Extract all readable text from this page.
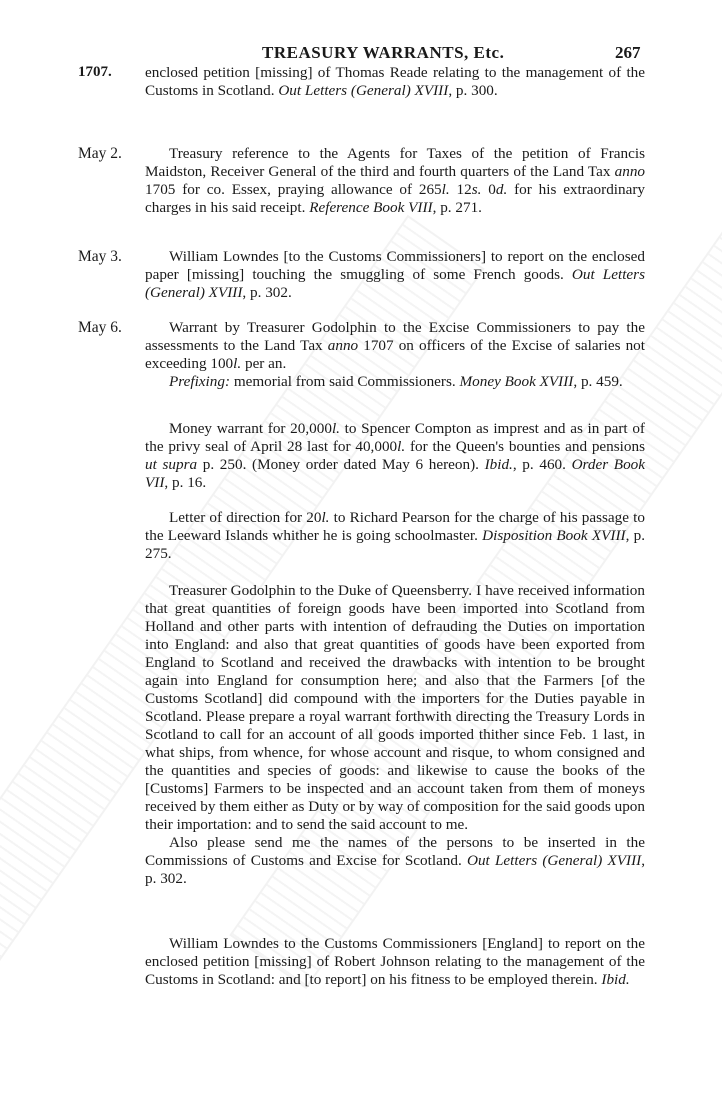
TREASURY WARRANTS, Etc.	267
1707. enclosed petition [missing] of Thomas Reade relating to the management of the Customs in Scotland. Out Letters (General) XVIII, p. 300.

May 2.	Treasury reference to the Agents for Taxes of the petition of Francis Maidston, Receiver General of the third and fourth quarters of the Land Tax anno 1705 for co. Essex, praying allowance of 265l. 12s. 0d. for his extraordinary charges in his said receipt. Reference Book VIII, p. 271.

May 3.	William Lowndes [to the Customs Commissioners] to report on the enclosed paper [missing] touching the smuggling of some French goods. Out Letters (General) XVIII, p. 302.

May 6.	Warrant by Treasurer Godolphin to the Excise Commissioners to pay the assessments to the Land Tax anno 1707 on officers of the Excise of salaries not exceeding 100l. per an.

Prefixing: memorial from said Commissioners. Money Book XVIII, p. 459.

Money warrant for 20,000l. to Spencer Compton as imprest and as in part of the privy seal of April 28 last for 40,000l. for the Queen's bounties and pensions ut supra p. 250. (Money order dated May 6 hereon). Ibid., p. 460. Order Book VII, p. 16.

Letter of direction for 20l. to Richard Pearson for the charge of his passage to the Leeward Islands whither he is going schoolmaster. Disposition Book XVIII, p. 275.

Treasurer Godolphin to the Duke of Queensberry. I have received information that great quantities of foreign goods have been imported into Scotland from Holland and other parts with intention of defrauding the Duties on importation into England: and also that great quantities of goods have been exported from England to Scotland and received the drawbacks with intention to be brought again into England for consumption here; and also that the Farmers [of the Customs Scotland] did compound with the importers for the Duties payable in Scotland. Please prepare a royal warrant forthwith directing the Treasury Lords in Scotland to call for an account of all goods imported thither since Feb. 1 last, in what ships, from whence, for whose account and risque, to whom consigned and the quantities and species of goods: and likewise to cause the books of the [Customs] Farmers to be inspected and an account taken from them of moneys received by them either as Duty or by way of composition for the said goods upon their importation: and to send the said account to me.

Also please send me the names of the persons to be inserted in the Commissions of Customs and Excise for Scotland. Out Letters (General) XVIII, p. 302.

William Lowndes to the Customs Commissioners [England] to report on the enclosed petition [missing] of Robert Johnson relating to the management of the Customs in Scotland: and [to report] on his fitness to be employed therein. Ibid.
